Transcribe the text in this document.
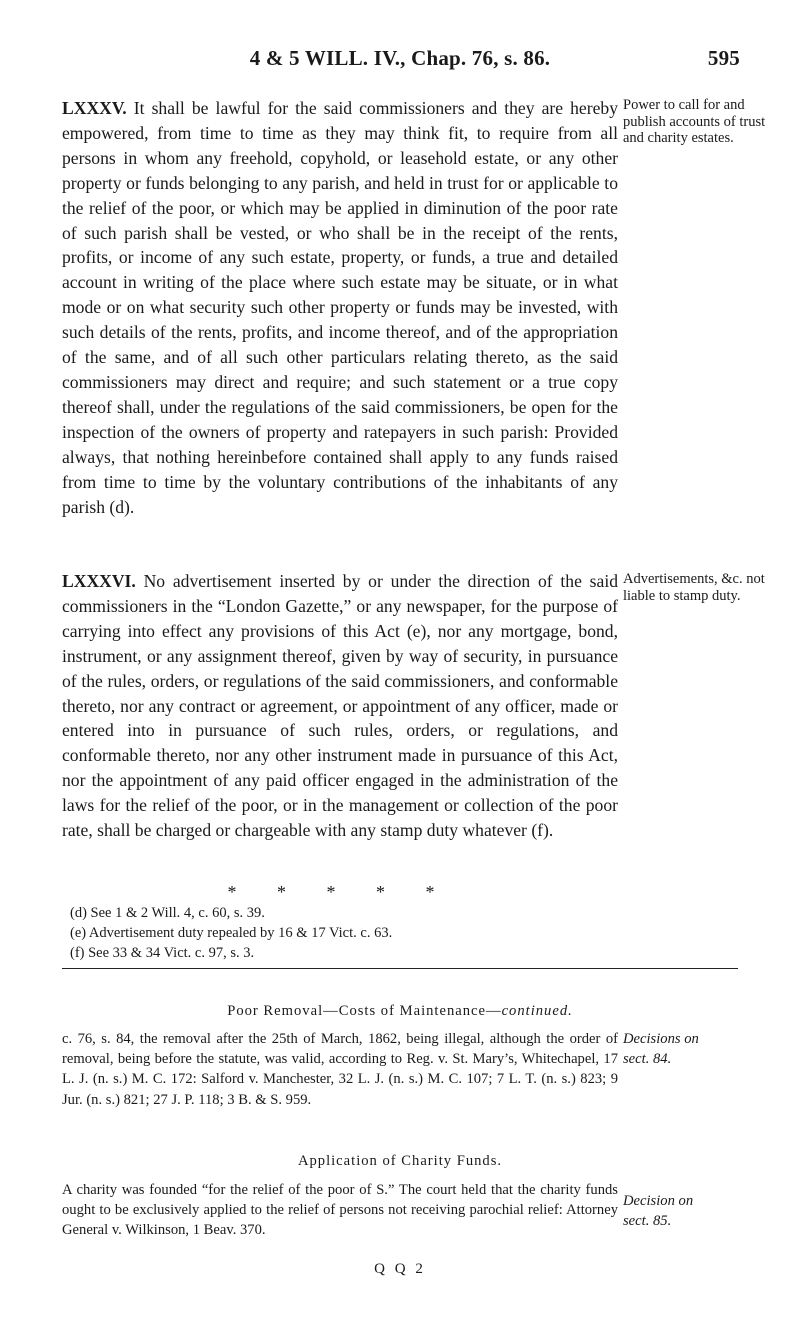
4 & 5 WILL. IV., Chap. 76, s. 86.	595

LXXXV. It shall be lawful for the said commissioners and they are hereby empowered, from time to time as they may think fit, to require from all persons in whom any freehold, copyhold, or leasehold estate, or any other property or funds belonging to any parish, and held in trust for or applicable to the relief of the poor, or which may be applied in diminution of the poor rate of such parish shall be vested, or who shall be in the receipt of the rents, profits, or income of any such estate, property, or funds, a true and detailed account in writing of the place where such estate may be situate, or in what mode or on what security such other property or funds may be invested, with such details of the rents, profits, and income thereof, and of the appropriation of the same, and of all such other particulars relating thereto, as the said commissioners may direct and require; and such statement or a true copy thereof shall, under the regulations of the said commissioners, be open for the inspection of the owners of property and ratepayers in such parish: Provided always, that nothing hereinbefore contained shall apply to any funds raised from time to time by the voluntary contributions of the inhabitants of any parish (d).

Power to call for and publish accounts of trust and charity estates.

LXXXVI. No advertisement inserted by or under the direction of the said commissioners in the “London Gazette,” or any newspaper, for the purpose of carrying into effect any provisions of this Act (e), nor any mortgage, bond, instrument, or any assignment thereof, given by way of security, in pursuance of the rules, orders, or regulations of the said commissioners, and conformable thereto, nor any contract or agreement, or appointment of any officer, made or entered into in pursuance of such rules, orders, or regulations, and conformable thereto, nor any other instrument made in pursuance of this Act, nor the appointment of any paid officer engaged in the administration of the laws for the relief of the poor, or in the management or collection of the poor rate, shall be charged or chargeable with any stamp duty whatever (f).

Advertisements, &c. not liable to stamp duty.
* * * * *
(d) See 1 & 2 Will. 4, c. 60, s. 39.
(e) Advertisement duty repealed by 16 & 17 Vict. c. 63.
(f) See 33 & 34 Vict. c. 97, s. 3.
Poor Removal—Costs of Maintenance—continued.
c. 76, s. 84, the removal after the 25th of March, 1862, being illegal, although the order of removal, being before the statute, was valid, according to Reg. v. St. Mary’s, Whitechapel, 17 L. J. (n. s.) M. C. 172: Salford v. Manchester, 32 L. J. (n. s.) M. C. 107; 7 L. T. (n. s.) 823; 9 Jur. (n. s.) 821; 27 J. P. 118; 3 B. & S. 959.
Decisions on
sect. 84.
Application of Charity Funds.
A charity was founded “for the relief of the poor of S.” The court held that the charity funds ought to be exclusively applied to the relief of persons not receiving parochial relief: Attorney General v. Wilkinson, 1 Beav. 370.
Decision on
sect. 85.
Q Q 2
